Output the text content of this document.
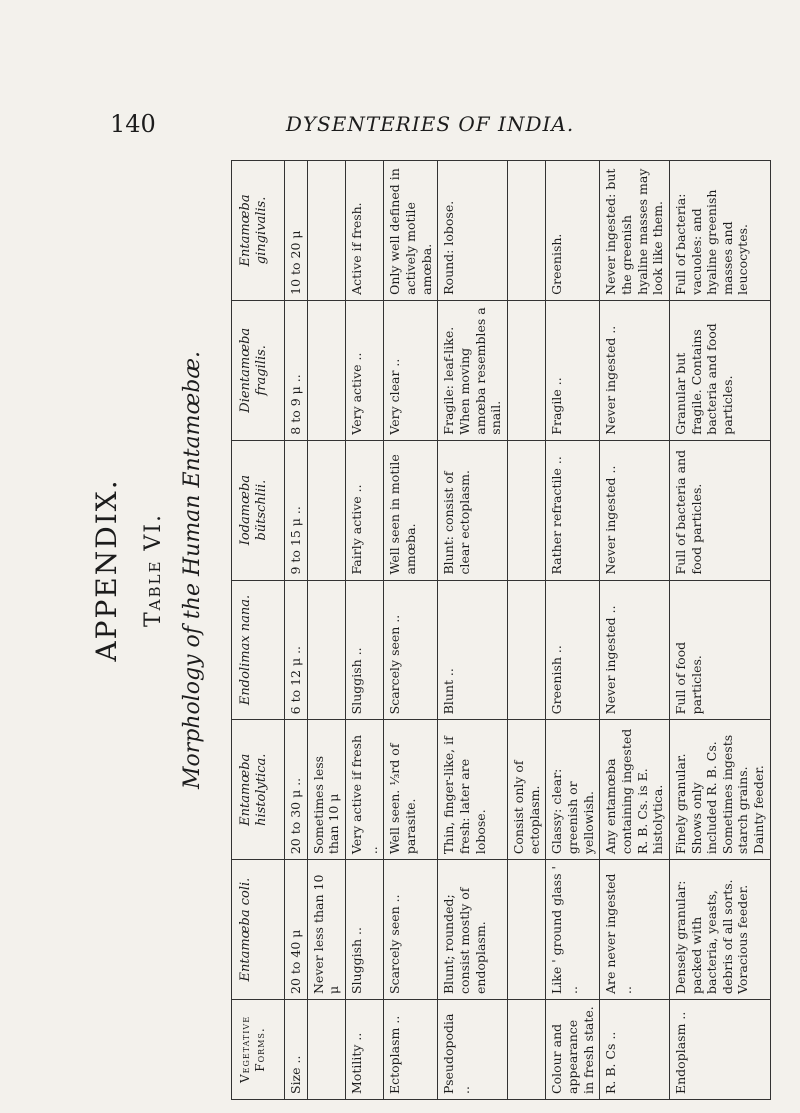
140	DYSENTERIES OF INDIA.
APPENDIX. Table VI. Morphology of the Human Entamœbæ.
Vegetative Forms.	Entamœba coli.	Entamœba histolytica.	Endolimax nana.	Iodamœba bütschlii.	Dientamœba fragilis.	Entamœba gingivalis.
Size ..	20 to 40 μ	20 to 30 μ ..	6 to 12 μ ..	9 to 15 μ ..	8 to 9 μ ..	10 to 20 μ
	Never less than 10 μ	Sometimes less than 10 μ				
Motility ..	Sluggish ..	Very active if fresh ..	Sluggish ..	Fairly active ..	Very active ..	Active if fresh.
Ectoplasm ..	Scarcely seen ..	Well seen. ⅓rd of parasite.	Scarcely seen ..	Well seen in motile amœba.	Very clear ..	Only well defined in actively motile amœba.
Pseudopodia ..	Blunt; rounded; consist mostly of endoplasm.	Thin, finger-like, if fresh: later are lobose.	Blunt ..	Blunt: consist of clear ectoplasm.	Fragile: leaf-like. When moving amœba resembles a snail.	Round: lobose.
		Consist only of ectoplasm.				
Colour and appearance in fresh state.	Like ' ground glass ' ..	Glassy: clear: greenish or yellowish.	Greenish ..	Rather refractile ..	Fragile ..	Greenish.
R. B. Cs ..	Are never ingested ..	Any entamœba containing ingested R. B. Cs. is E. histolytica.	Never ingested ..	Never ingested ..	Never ingested ..	Never ingested: but the greenish hyaline masses may look like them.
Endoplasm ..	Densely granular: packed with bacteria, yeasts, debris of all sorts. Voracious feeder.	Finely granular. Shows only included R. B. Cs. Sometimes ingests starch grains. Dainty feeder.	Full of food particles.	Full of bacteria and food particles.	Granular but fragile. Contains bacteria and food particles.	Full of bacteria: vacuoles: and hyaline greenish masses and leucocytes.
